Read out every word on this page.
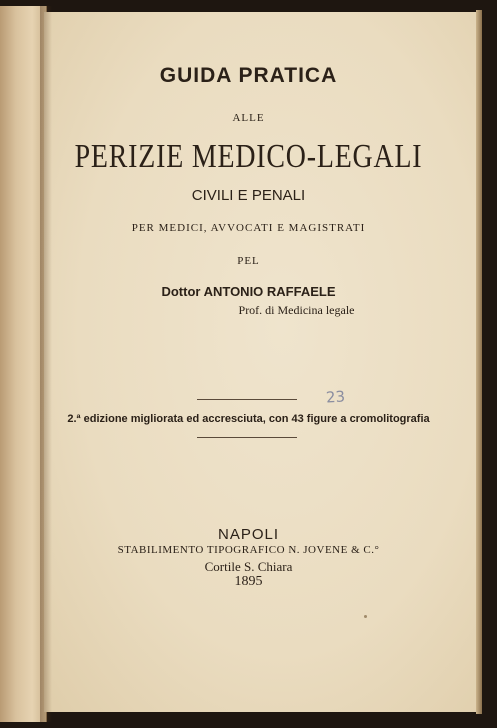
GUIDA PRATICA
ALLE
PERIZIE MEDICO-LEGALI
CIVILI E PENALI
PER MEDICI, AVVOCATI E MAGISTRATI
PEL
Dottor ANTONIO RAFFAELE
Prof. di Medicina legale
23
2.ª edizione migliorata ed accresciuta, con 43 figure a cromolitografia
NAPOLI
STABILIMENTO TIPOGRAFICO N. JOVENE & C.°
Cortile S. Chiara
1895
